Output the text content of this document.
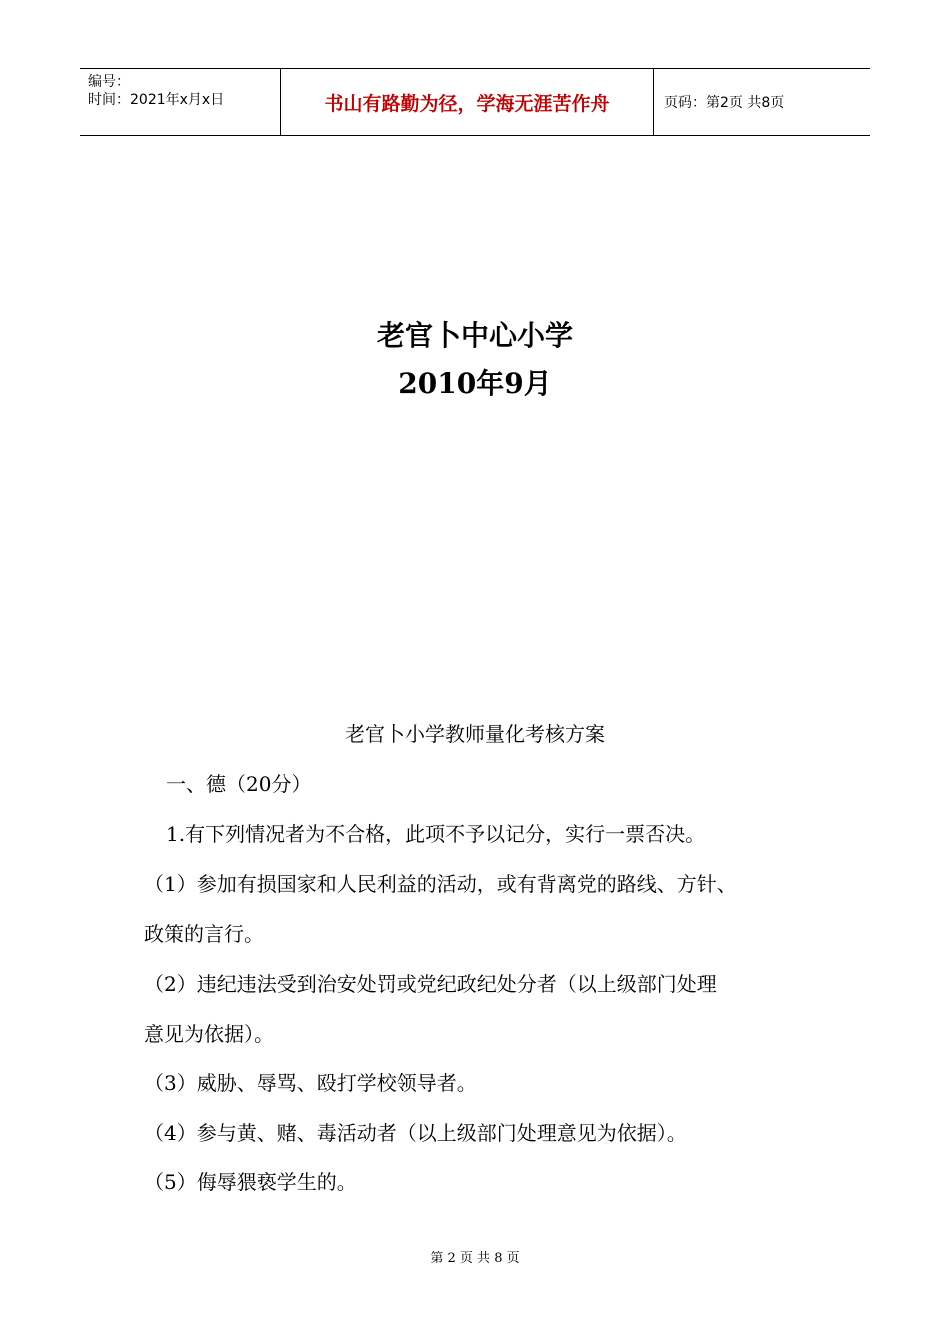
编号：
时间：2021年x月x日	书山有路勤为径，学海无涯苦作舟	页码：第2页 共8页
老官卜中心小学
2010年9月
老官卜小学教师量化考核方案
一、德（20分）
1.有下列情况者为不合格，此项不予以记分，实行一票否决。
（1）参加有损国家和人民利益的活动，或有背离党的路线、方针、
政策的言行。
（2）违纪违法受到治安处罚或党纪政纪处分者（以上级部门处理
意见为依据）。
（3）威胁、辱骂、殴打学校领导者。
（4）参与黄、赌、毒活动者（以上级部门处理意见为依据）。
（5）侮辱猥亵学生的。
第 2 页 共 8 页
